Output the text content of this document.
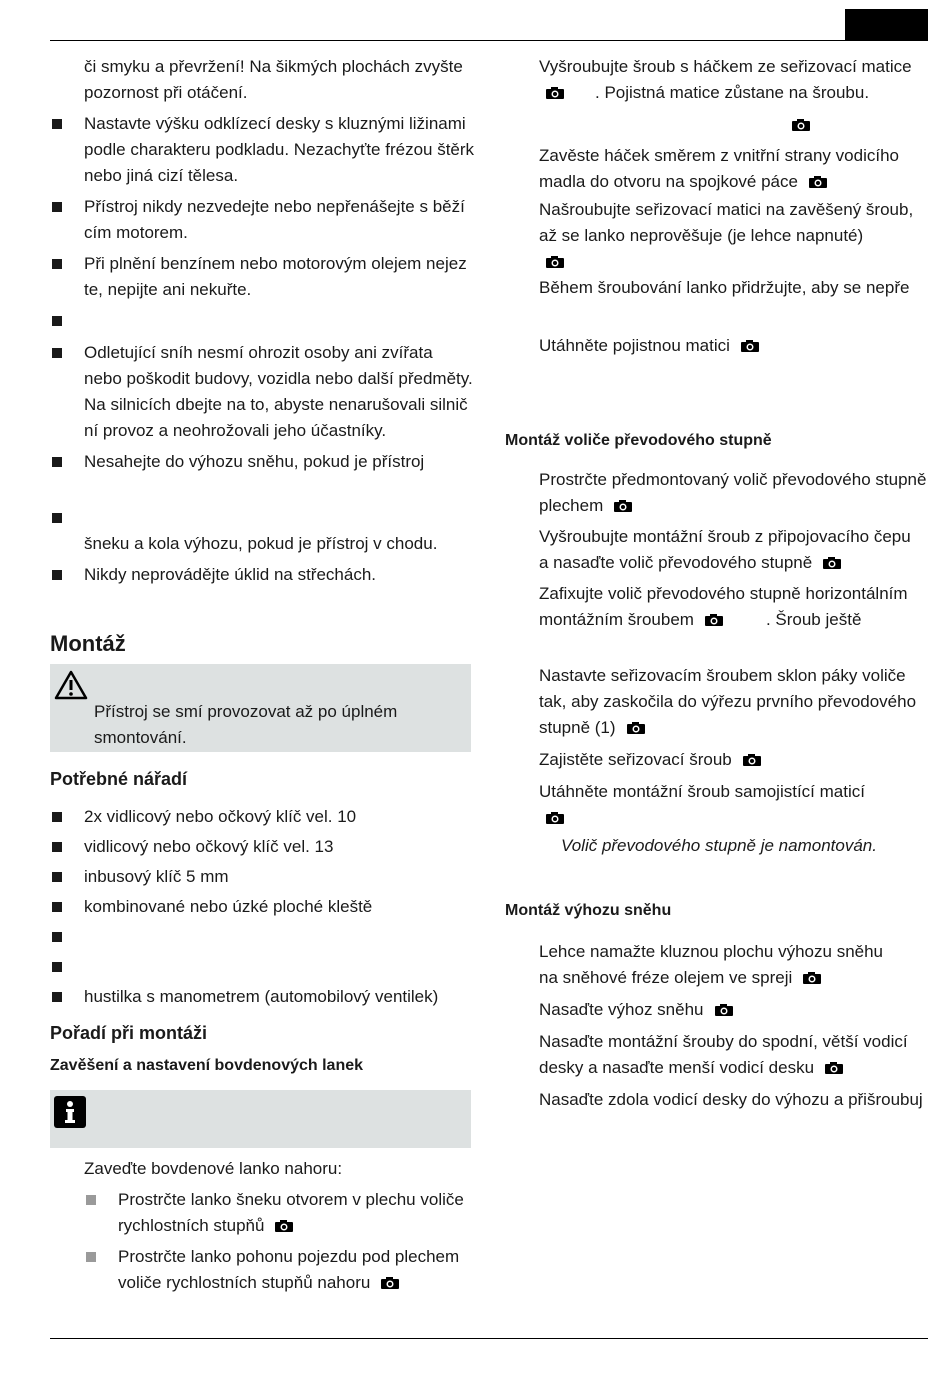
či smyku a převržení! Na šikmých plochách zvyšte
pozornost při otáčení.

Nastavte výšku odklízecí desky s kluznými ližinami
podle charakteru podkladu. Nezachyťte frézou štěrk
nebo jiná cizí tělesa.

Přístroj nikdy nezvedejte nebo nepřenášejte s běží
cím motorem.

Při plnění benzínem nebo motorovým olejem nejez
te, nepijte ani nekuřte.

Odletující sníh nesmí ohrozit osoby ani zvířata
nebo poškodit budovy, vozidla nebo další předměty.
Na silnicích dbejte na to, abyste nenarušovali silnič
ní provoz a neohrožovali jeho účastníky.

Nesahejte do výhozu sněhu, pokud je přístroj

šneku a kola výhozu, pokud je přístroj v chodu.

Nikdy neprovádějte úklid na střechách.

Montáž
Přístroj se smí provozovat až po úplném
smontování.
Potřebné nářadí

2x vidlicový nebo očkový klíč vel. 10

vidlicový nebo očkový klíč vel. 13

inbusový klíč 5 mm

kombinované nebo úzké ploché kleště

hustilka s manometrem (automobilový ventilek)

Pořadí při montáži
Zavěšení a nastavení bovdenových lanek

Zaveďte bovdenové lanko nahoru:

Prostrčte lanko šneku otvorem v plechu voliče
rychlostních stupňů

Prostrčte lanko pohonu pojezdu pod plechem
voliče rychlostních stupňů nahoru

Vyšroubujte šroub s háčkem ze seřizovací matice
. Pojistná matice zůstane na šroubu.

Zavěste háček směrem z vnitřní strany vodicího
madla do otvoru na spojkové páce

Našroubujte seřizovací matici na zavěšený šroub,
až se lanko neprověšuje (je lehce napnuté)

Během šroubování lanko přidržujte, aby se nepře

Utáhněte pojistnou matici

Montáž voliče převodového stupně

Prostrčte předmontovaný volič převodového stupně
plechem

Vyšroubujte montážní šroub z připojovacího čepu
a nasaďte volič převodového stupně

Zafixujte volič převodového stupně horizontálním
montážním šroubem	. Šroub ještě

Nastavte seřizovacím šroubem sklon páky voliče
tak, aby zaskočila do výřezu prvního převodového
stupně (1)

Zajistěte seřizovací šroub

Utáhněte montážní šroub samojistící maticí

Volič převodového stupně je namontován.

Montáž výhozu sněhu

Lehce namažte kluznou plochu výhozu sněhu
na sněhové fréze olejem ve spreji

Nasaďte výhoz sněhu

Nasaďte montážní šrouby do spodní, větší vodicí
desky a nasaďte menší vodicí desku

Nasaďte zdola vodicí desky do výhozu a přišroubuj
